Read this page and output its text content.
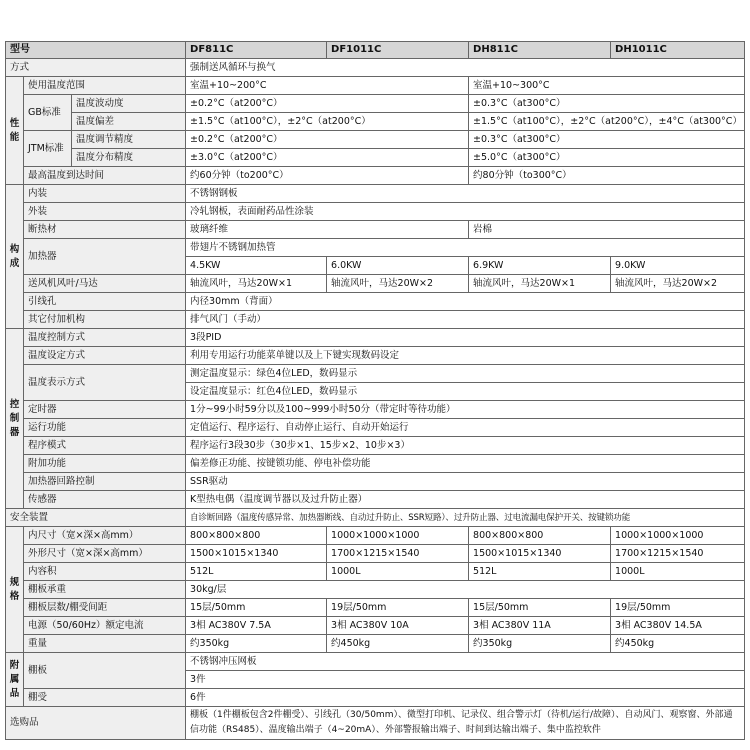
型号			DF811C	DF1011C	DH811C	DH1011C
方式			强制送风循环与换气			
性能	使用温度范围		室温+10~200°C		室温+10~300°C	
	GB标准	温度波动度	±0.2°C（at200°C）		±0.3°C（at300°C）	
		温度偏差	±1.5°C（at100°C），±2°C（at200°C）		±1.5°C（at100°C），±2°C（at200°C），±4°C（at300°C）	
	JTM标准	温度调节精度	±0.2°C（at200°C）		±0.3°C（at300°C）	
		温度分布精度	±3.0°C（at200°C）		±5.0°C（at300°C）	
	最高温度到达时间		约60分钟（to200°C）		约80分钟（to300°C）	
构成	内装		不锈钢钢板			
	外装		冷轧钢板，表面耐药品性涂装			
	断热材		玻璃纤维		岩棉	
	加热器		带翅片不锈钢加热管			
			4.5KW	6.0KW	6.9KW	9.0KW
	送风机风叶/马达		轴流风叶，马达20W×1	轴流风叶，马达20W×2	轴流风叶，马达20W×1	轴流风叶，马达20W×2
	引线孔		内径30mm（背面）			
	其它付加机构		排气风门（手动）			
控制器	温度控制方式		3段PID			
	温度设定方式		利用专用运行功能菜单键以及上下键实现数码设定			
	温度表示方式		测定温度显示：绿色4位LED，数码显示			
			设定温度显示：红色4位LED，数码显示			
	定时器		1分~99小时59分以及100~999小时50分（带定时等待功能）			
	运行功能		定值运行、程序运行、自动停止运行、自动开始运行			
	程序模式		程序运行3段30步（30步×1、15步×2、10步×3）			
	附加功能		偏差修正功能、按键锁功能、停电补偿功能			
	加热器回路控制		SSR驱动			
	传感器		K型热电偶（温度调节器以及过升防止器）			
安全装置			自诊断回路（温度传感异常、加热器断线、自动过升防止、SSR短路）、过升防止器、过电流漏电保护开关、按键锁功能			
规格	内尺寸（宽×深×高mm）		800×800×800	1000×1000×1000	800×800×800	1000×1000×1000
	外形尺寸（宽×深×高mm）		1500×1015×1340	1700×1215×1540	1500×1015×1340	1700×1215×1540
	内容积		512L	1000L	512L	1000L
	棚板承重		30kg/层			
	棚板层数/棚受间距		15层/50mm	19层/50mm	15层/50mm	19层/50mm
	电源（50/60Hz）额定电流		3相 AC380V 7.5A	3相 AC380V 10A	3相 AC380V 11A	3相 AC380V 14.5A
	重量		约350kg	约450kg	约350kg	约450kg
附属品	棚板		不锈钢冲压网板			
			3件			
	棚受		6件			
选购品			棚板（1件棚板包含2件棚受）、引线孔（30/50mm）、微型打印机、记录仪、组合警示灯（待机/运行/故障）、自动风门、观察窗、外部通信功能（RS485）、温度输出端子（4~20mA）、外部警报输出端子、时间到达输出端子、集中监控软件			
